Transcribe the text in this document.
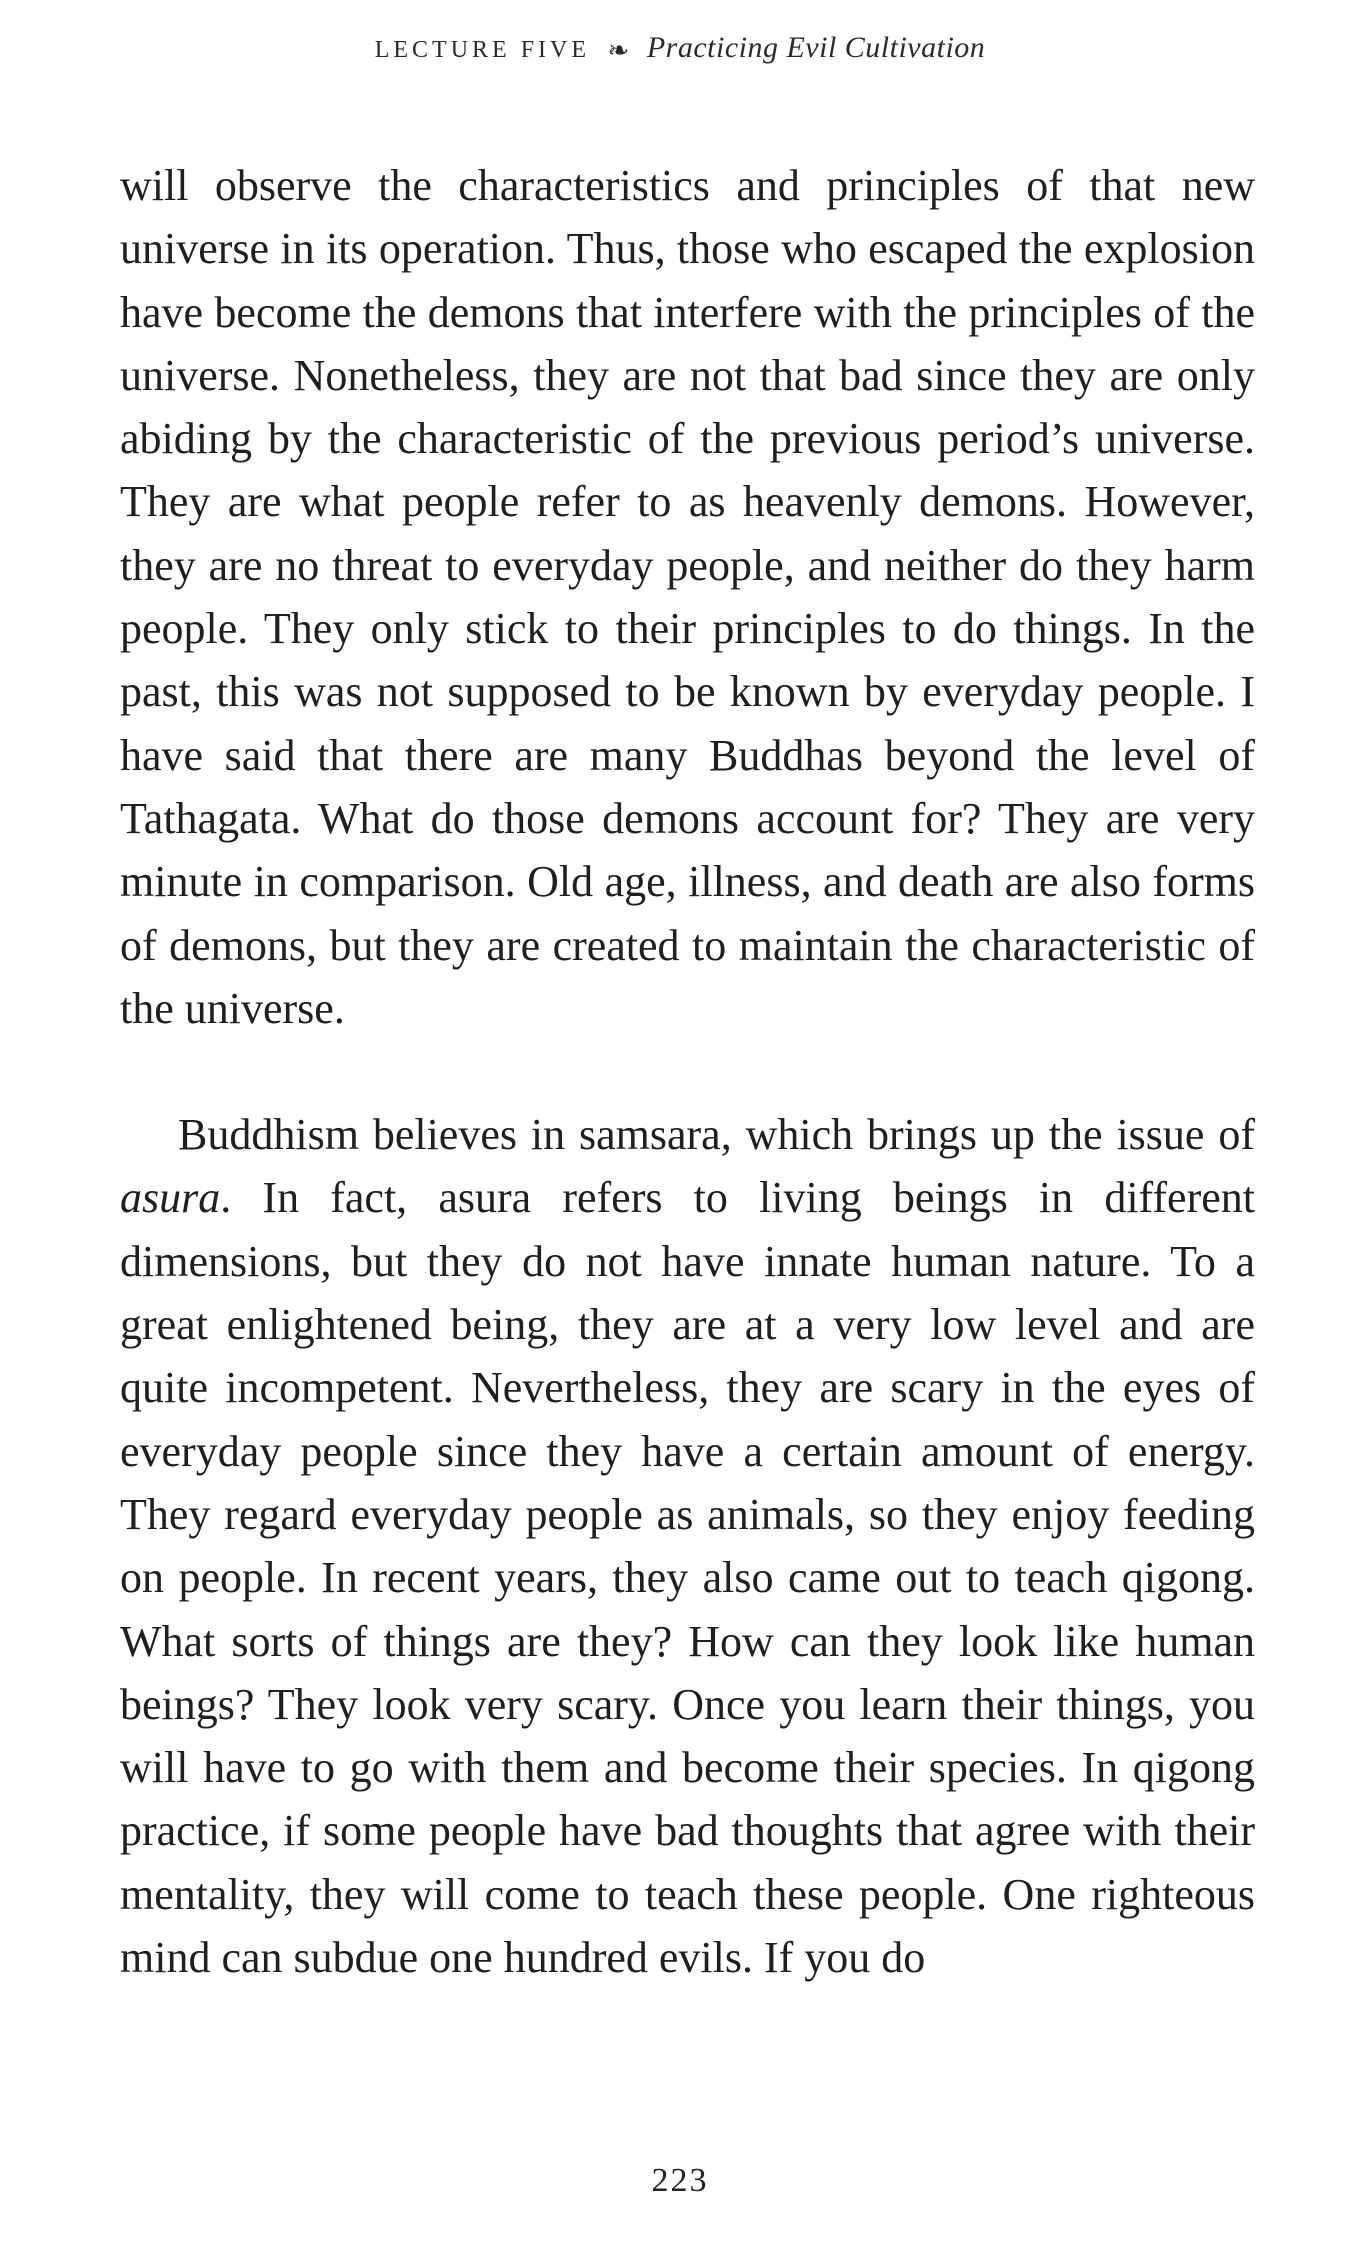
LECTURE FIVE ❧ Practicing Evil Cultivation

will observe the characteristics and principles of that new universe in its operation. Thus, those who escaped the explosion have become the demons that interfere with the principles of the universe. Nonetheless, they are not that bad since they are only abiding by the characteristic of the previous period’s universe. They are what people refer to as heavenly demons. However, they are no threat to everyday people, and neither do they harm people. They only stick to their principles to do things. In the past, this was not supposed to be known by everyday people. I have said that there are many Buddhas beyond the level of Tathagata. What do those demons account for? They are very minute in comparison. Old age, illness, and death are also forms of demons, but they are created to maintain the characteristic of the universe.

Buddhism believes in samsara, which brings up the issue of asura. In fact, asura refers to living beings in different dimensions, but they do not have innate human nature. To a great enlightened being, they are at a very low level and are quite incompetent. Nevertheless, they are scary in the eyes of everyday people since they have a certain amount of energy. They regard everyday people as animals, so they enjoy feeding on people. In recent years, they also came out to teach qigong. What sorts of things are they? How can they look like human beings? They look very scary. Once you learn their things, you will have to go with them and become their species. In qigong practice, if some people have bad thoughts that agree with their mentality, they will come to teach these people. One righteous mind can subdue one hundred evils. If you do

223
